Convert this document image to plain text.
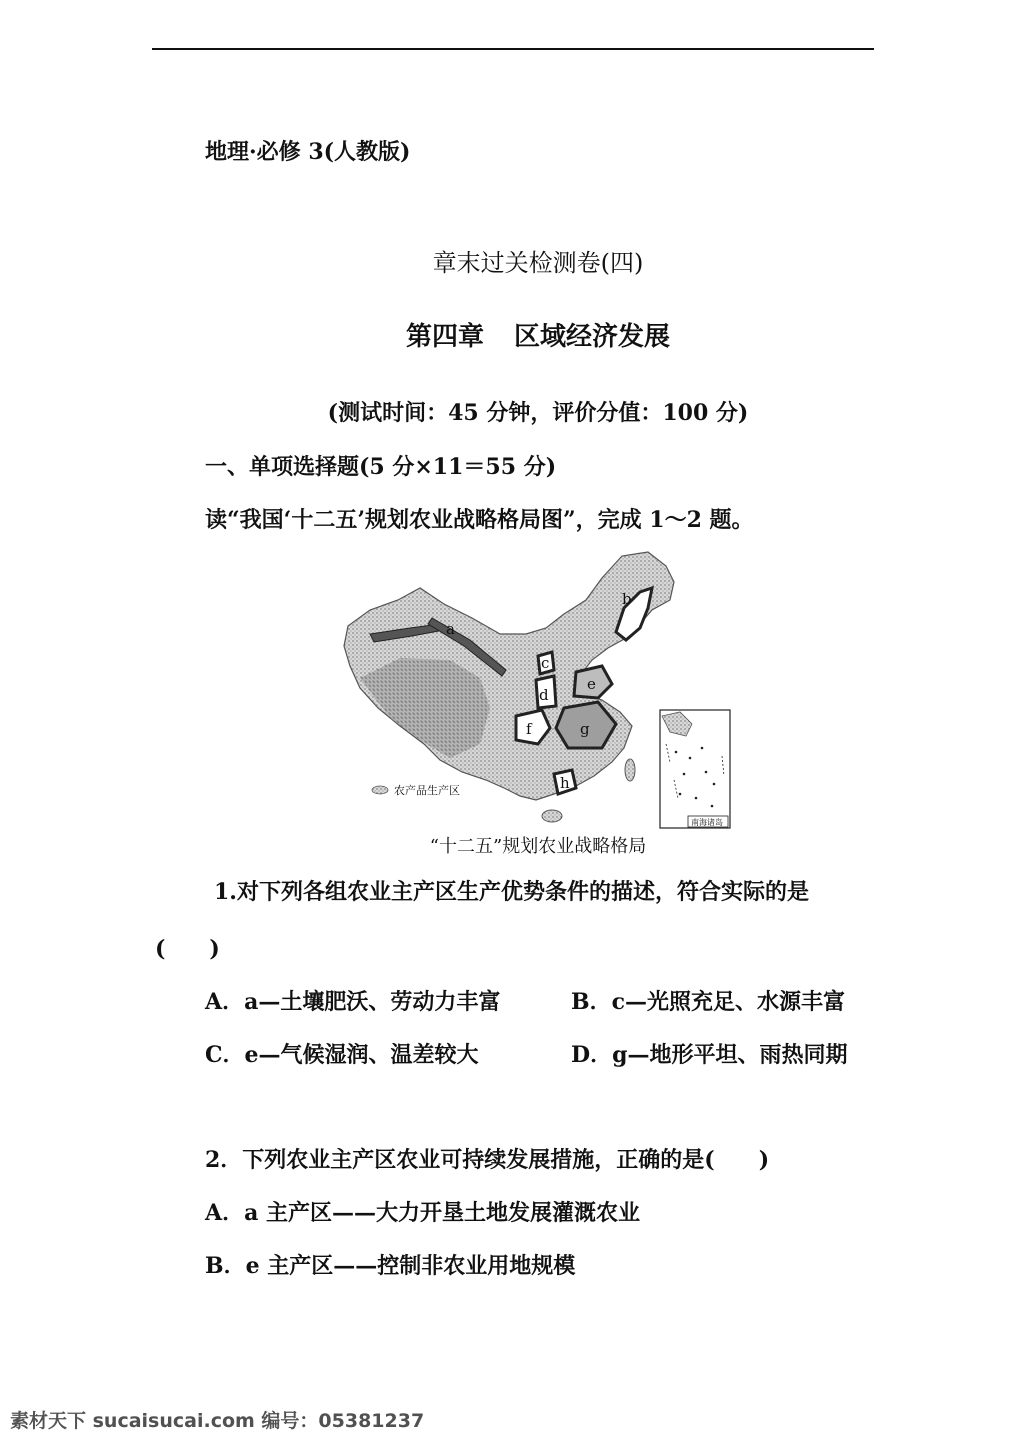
地理·必修 3(人教版)
章末过关检测卷(四)
第四章 区域经济发展
(测试时间：45 分钟，评价分值：100 分)
一、单项选择题(5 分×11＝55 分)
读“我国‘十二五’规划农业战略格局图”，完成 1～2 题。
a
b
c
d
e
f	g
h
农产品生产区
南海诸岛
“十二五”规划农业战略格局
1.对下列各组农业主产区生产优势条件的描述，符合实际的是
(　　)
A．a—土壤肥沃、劳动力丰富	B．c—光照充足、水源丰富
C．e—气候湿润、温差较大	D．g—地形平坦、雨热同期
2．下列农业主产区农业可持续发展措施，正确的是(　　)
A．a 主产区——大力开垦土地发展灌溉农业
B．e 主产区——控制非农业用地规模
素材天下 sucaisucai.com 编号：05381237
